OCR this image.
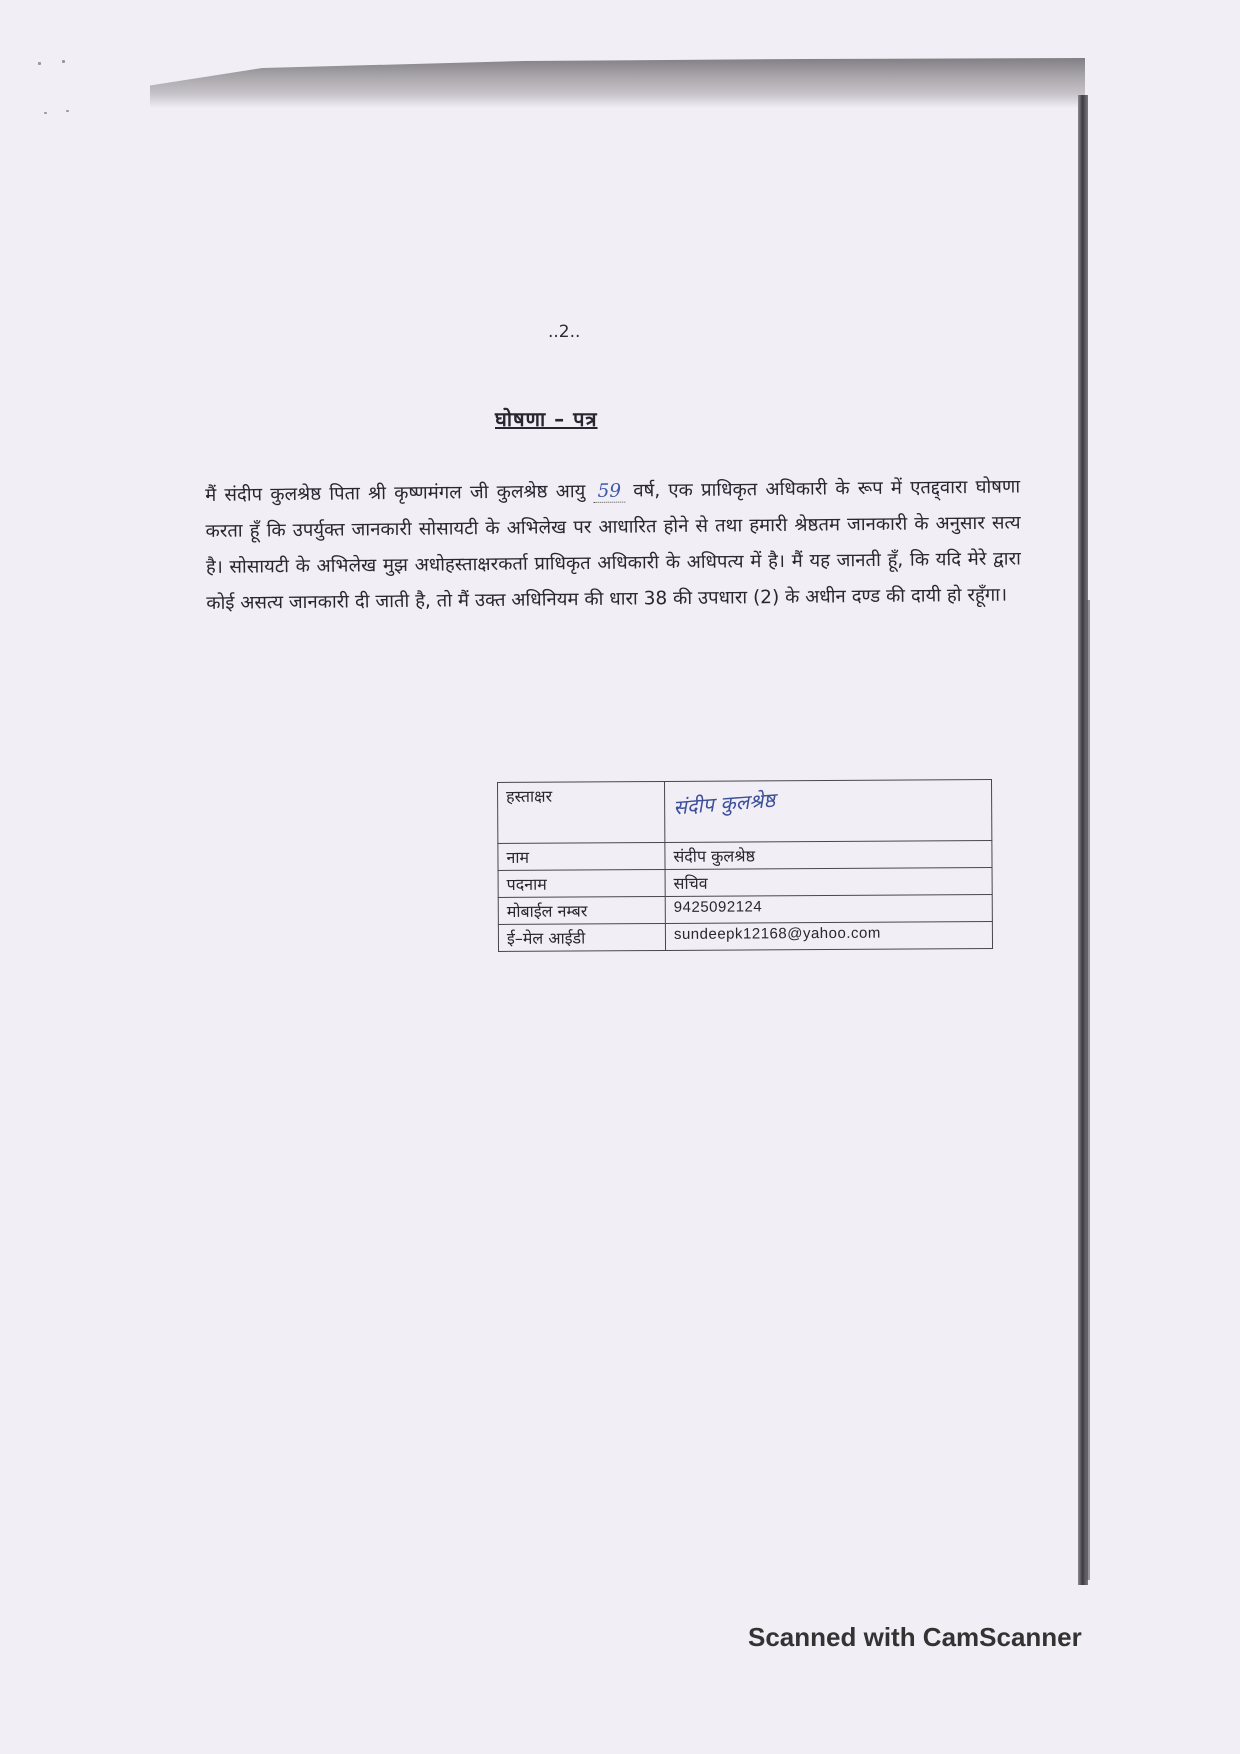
..2..
घोषणा – पत्र
मैं संदीप कुलश्रेष्ठ पिता श्री कृष्णमंगल जी कुलश्रेष्ठ आयु 59 वर्ष, एक प्राधिकृत अधिकारी के रूप में एतद्द्वारा घोषणा करता हूँ कि उपर्युक्त जानकारी सोसायटी के अभिलेख पर आधारित होने से तथा हमारी श्रेष्ठतम जानकारी के अनुसार सत्य है। सोसायटी के अभिलेख मुझ अधोहस्ताक्षरकर्ता प्राधिकृत अधिकारी के अधिपत्य में है। मैं यह जानती हूँ, कि यदि मेरे द्वारा कोई असत्य जानकारी दी जाती है, तो मैं उक्त अधिनियम की धारा 38 की उपधारा (2) के अधीन दण्ड की दायी हो रहूँगा।
हस्ताक्षर	संदीप कुलश्रेष्ठ
नाम	संदीप कुलश्रेष्ठ
पदनाम	सचिव
मोबाईल नम्बर	9425092124
ई–मेल आईडी	sundeepk12168@yahoo.com
Scanned with CamScanner
